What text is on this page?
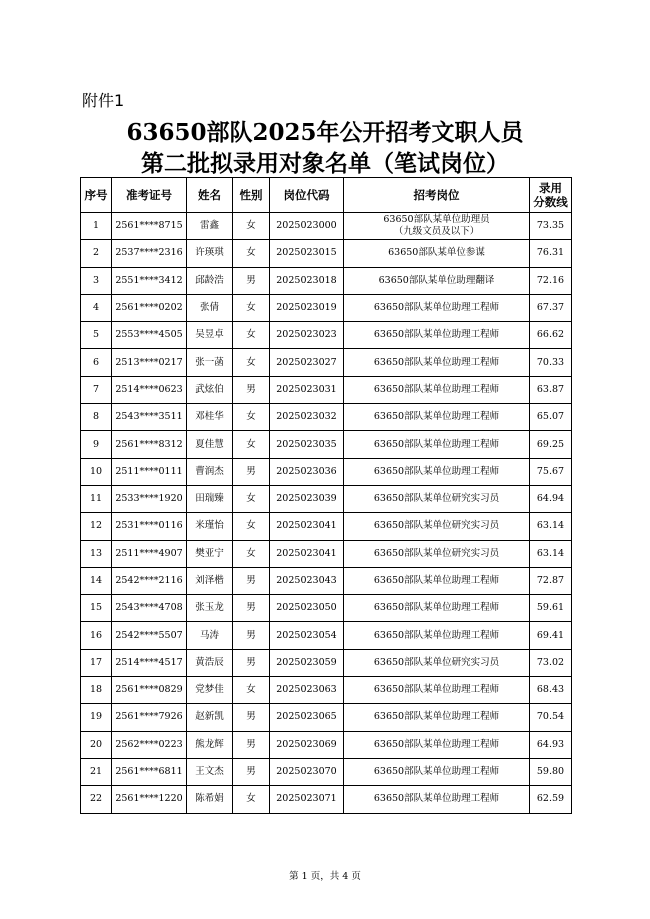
附件1
63650部队2025年公开招考文职人员
第二批拟录用对象名单（笔试岗位）
序号	准考证号	姓名	性别	岗位代码	招考岗位	录用
分数线
1	2561****8715	雷鑫	女	2025023000	63650部队某单位助理员
（九级文员及以下）	73.35
2	2537****2316	许瑛琪	女	2025023015	63650部队某单位参谋	76.31
3	2551****3412	邱龄浩	男	2025023018	63650部队某单位助理翻译	72.16
4	2561****0202	张倩	女	2025023019	63650部队某单位助理工程师	67.37
5	2553****4505	吴昱卓	女	2025023023	63650部队某单位助理工程师	66.62
6	2513****0217	张一菡	女	2025023027	63650部队某单位助理工程师	70.33
7	2514****0623	武炫伯	男	2025023031	63650部队某单位助理工程师	63.87
8	2543****3511	邓桂华	女	2025023032	63650部队某单位助理工程师	65.07
9	2561****8312	夏佳慧	女	2025023035	63650部队某单位助理工程师	69.25
10	2511****0111	曹润杰	男	2025023036	63650部队某单位助理工程师	75.67
11	2533****1920	田瑞臻	女	2025023039	63650部队某单位研究实习员	64.94
12	2531****0116	米瑾怡	女	2025023041	63650部队某单位研究实习员	63.14
13	2511****4907	樊亚宁	女	2025023041	63650部队某单位研究实习员	63.14
14	2542****2116	刘泽楷	男	2025023043	63650部队某单位助理工程师	72.87
15	2543****4708	张玉龙	男	2025023050	63650部队某单位助理工程师	59.61
16	2542****5507	马涛	男	2025023054	63650部队某单位助理工程师	69.41
17	2514****4517	黄浩辰	男	2025023059	63650部队某单位研究实习员	73.02
18	2561****0829	党梦佳	女	2025023063	63650部队某单位助理工程师	68.43
19	2561****7926	赵新凯	男	2025023065	63650部队某单位助理工程师	70.54
20	2562****0223	熊龙辉	男	2025023069	63650部队某单位助理工程师	64.93
21	2561****6811	王文杰	男	2025023070	63650部队某单位助理工程师	59.80
22	2561****1220	陈希娟	女	2025023071	63650部队某单位助理工程师	62.59
第 1 页，共 4 页
